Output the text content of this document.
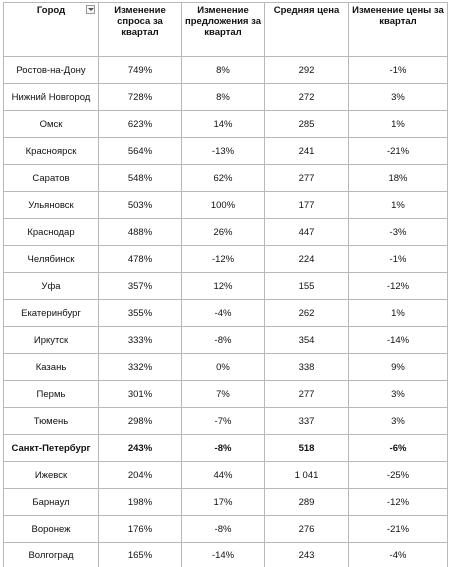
Город	Изменение спроса за квартал	Изменение предложения за квартал	Средняя цена	Изменение цены за квартал
Ростов-на-Дону	749%	8%	292	-1%
Нижний Новгород	728%	8%	272	3%
Омск	623%	14%	285	1%
Красноярск	564%	-13%	241	-21%
Саратов	548%	62%	277	18%
Ульяновск	503%	100%	177	1%
Краснодар	488%	26%	447	-3%
Челябинск	478%	-12%	224	-1%
Уфа	357%	12%	155	-12%
Екатеринбург	355%	-4%	262	1%
Иркутск	333%	-8%	354	-14%
Казань	332%	0%	338	9%
Пермь	301%	7%	277	3%
Тюмень	298%	-7%	337	3%
Санкт-Петербург	243%	-8%	518	-6%
Ижевск	204%	44%	1 041	-25%
Барнаул	198%	17%	289	-12%
Воронеж	176%	-8%	276	-21%
Волгоград	165%	-14%	243	-4%
